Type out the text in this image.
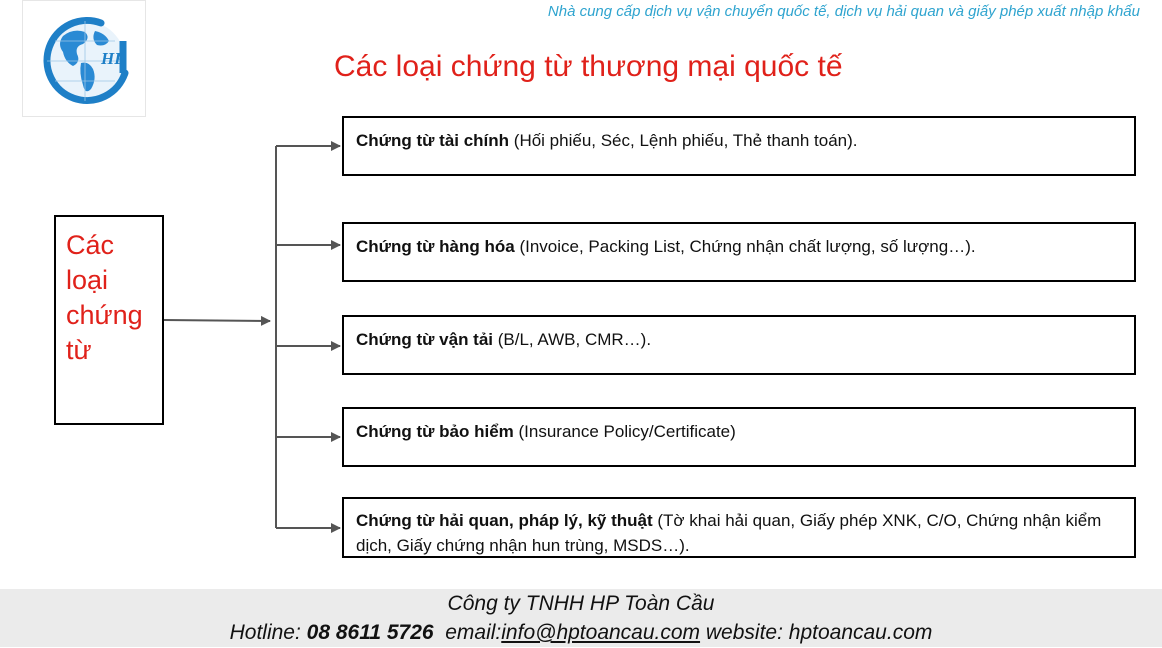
HP
Nhà cung cấp dịch vụ vận chuyển quốc tế, dịch vụ hải quan và giấy phép xuất nhập khẩu
Các loại chứng từ thương mại quốc tế
Các loại chứng từ
Chứng từ tài chính (Hối phiếu, Séc, Lệnh phiếu, Thẻ thanh toán).
Chứng từ hàng hóa (Invoice, Packing List, Chứng nhận chất lượng, số lượng…).
Chứng từ vận tải (B/L, AWB, CMR…).
Chứng từ bảo hiểm (Insurance Policy/Certificate)
Chứng từ hải quan, pháp lý, kỹ thuật (Tờ khai hải quan, Giấy phép XNK, C/O, Chứng nhận kiểm dịch, Giấy chứng nhận hun trùng, MSDS…).
Công ty TNHH HP Toàn Cầu
Hotline: 08 8611 5726 email:info@hptoancau.com website: hptoancau.com
